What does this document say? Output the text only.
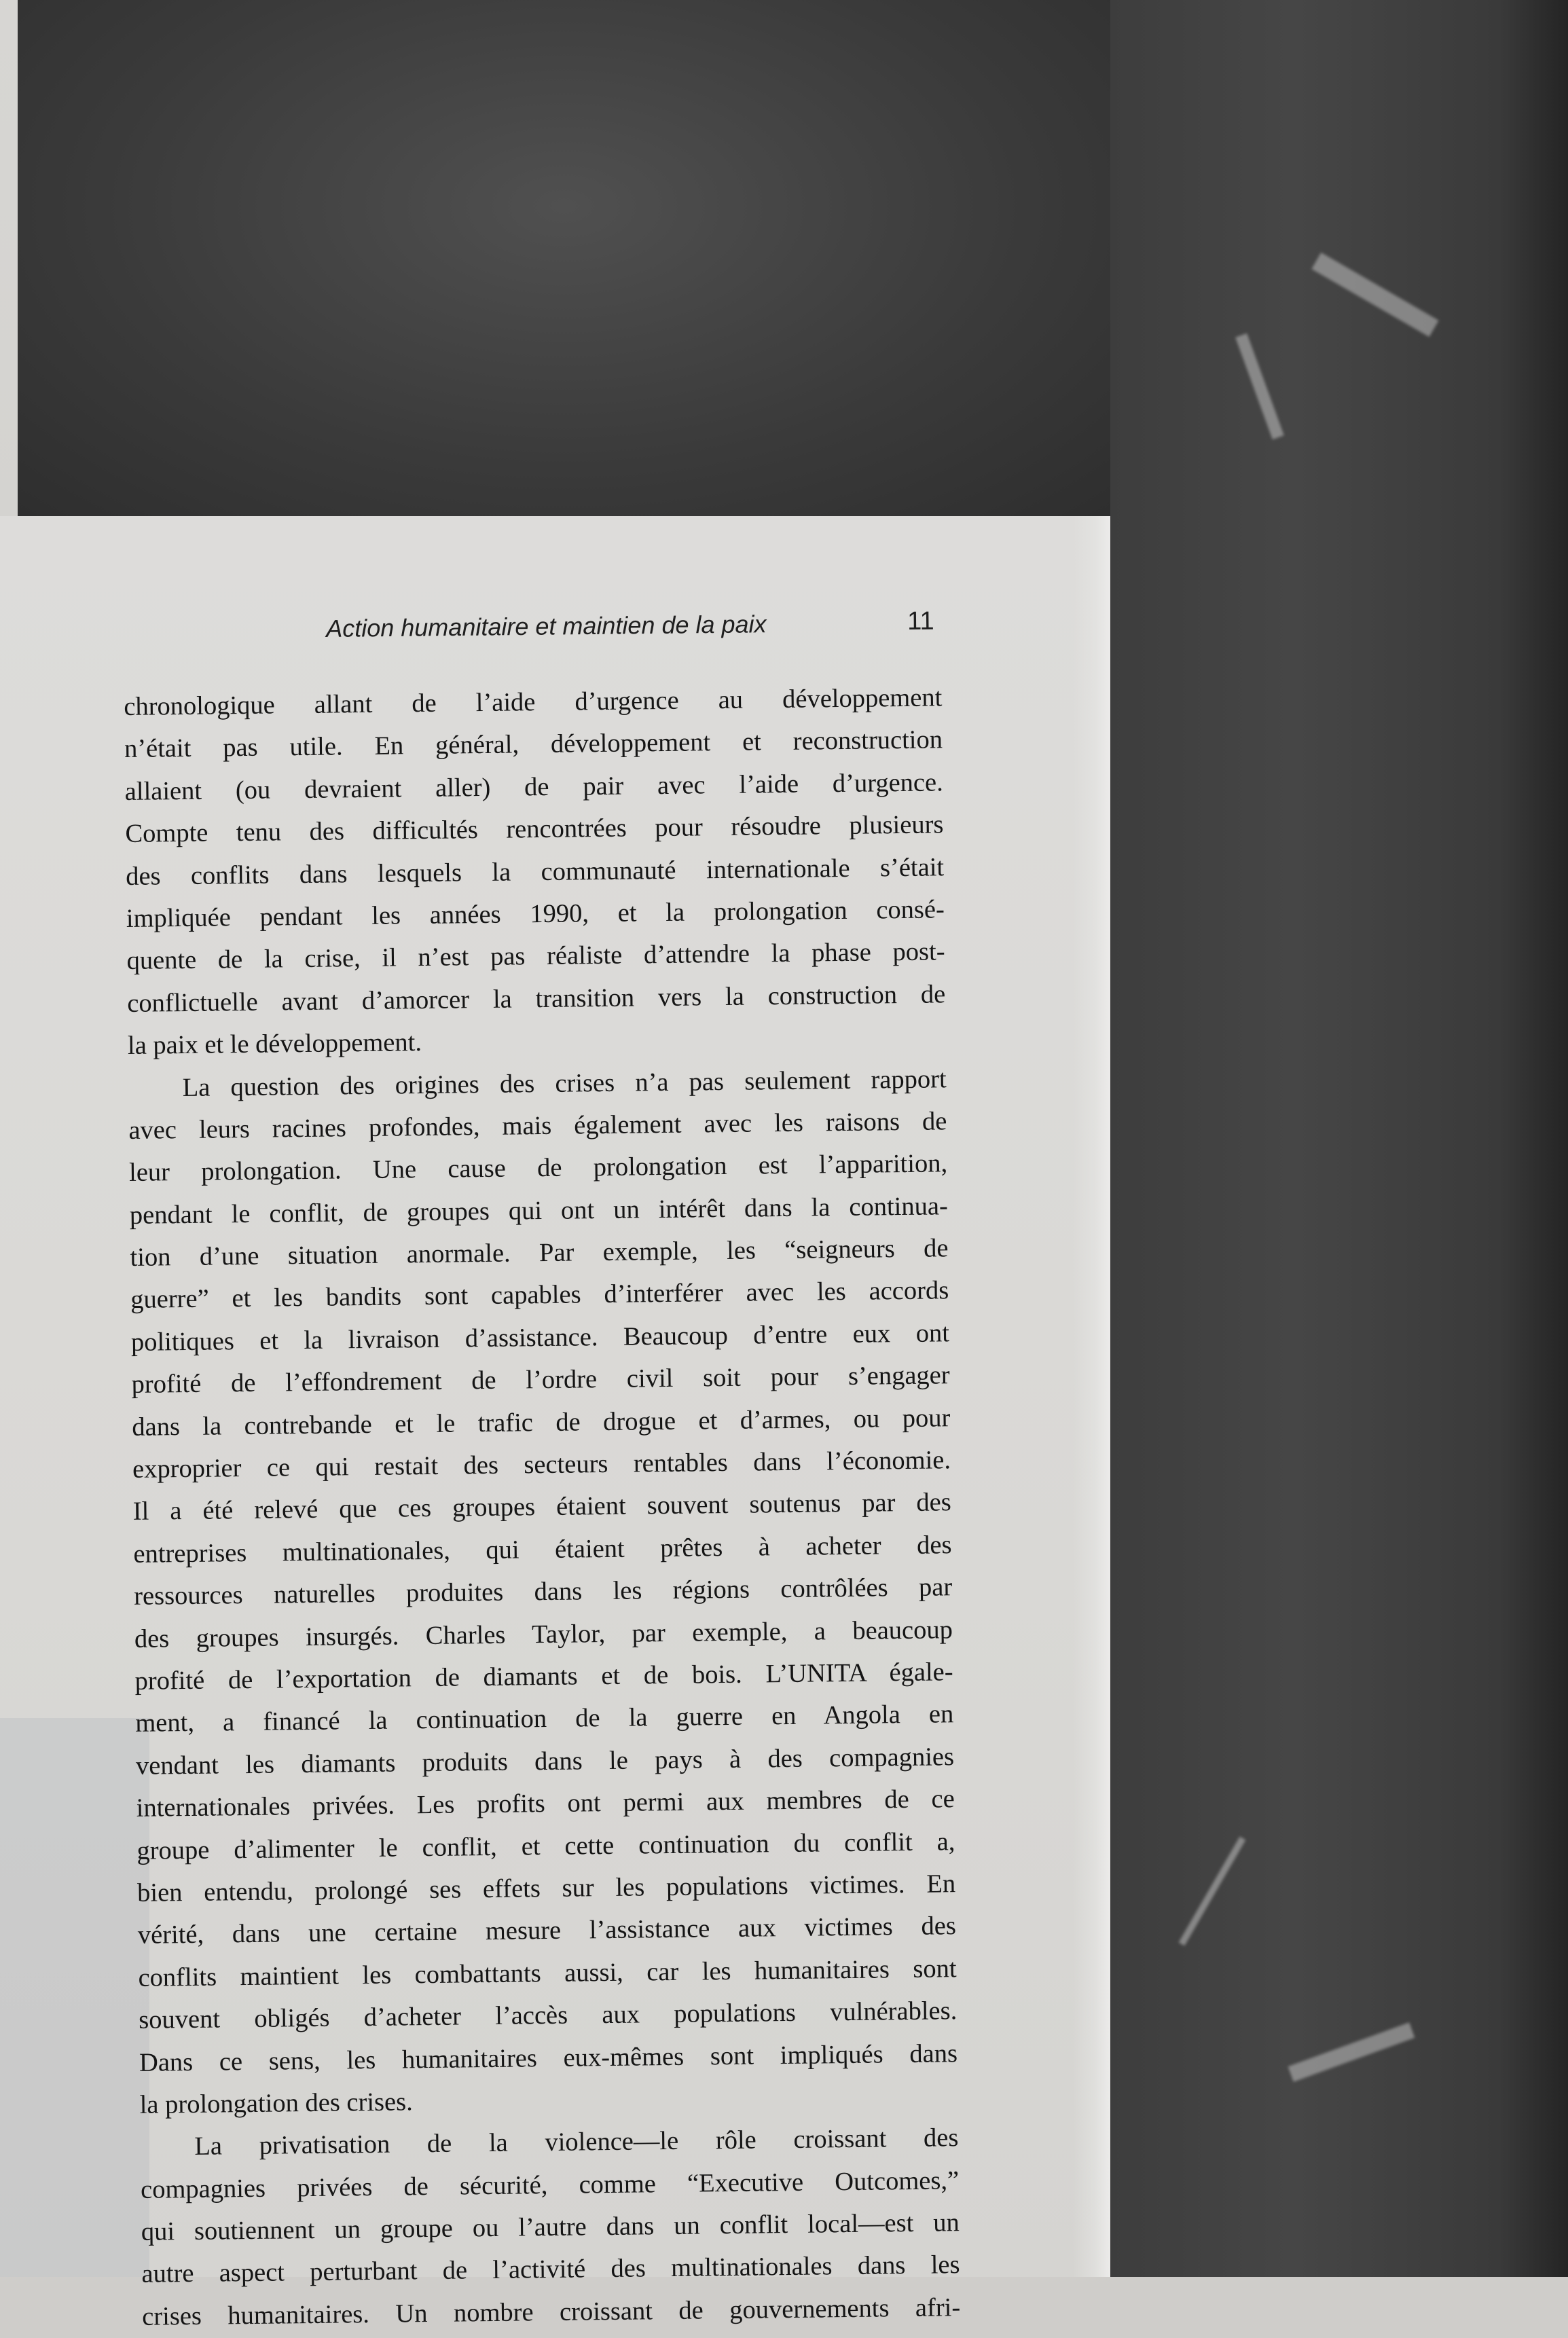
Action humanitaire et maintien de la paix	11
chronologique allant de l’aide d’urgence au développement
n’était pas utile. En général, développement et reconstruction
allaient (ou devraient aller) de pair avec l’aide d’urgence.
Compte tenu des difficultés rencontrées pour résoudre plusieurs
des conflits dans lesquels la communauté internationale s’était
impliquée pendant les années 1990, et la prolongation consé-
quente de la crise, il n’est pas réaliste d’attendre la phase post-
conflictuelle avant d’amorcer la transition vers la construction de
la paix et le développement.
La question des origines des crises n’a pas seulement rapport
avec leurs racines profondes, mais également avec les raisons de
leur prolongation. Une cause de prolongation est l’apparition,
pendant le conflit, de groupes qui ont un intérêt dans la continua-
tion d’une situation anormale. Par exemple, les “seigneurs de
guerre” et les bandits sont capables d’interférer avec les accords
politiques et la livraison d’assistance. Beaucoup d’entre eux ont
profité de l’effondrement de l’ordre civil soit pour s’engager
dans la contrebande et le trafic de drogue et d’armes, ou pour
exproprier ce qui restait des secteurs rentables dans l’économie.
Il a été relevé que ces groupes étaient souvent soutenus par des
entreprises multinationales, qui étaient prêtes à acheter des
ressources naturelles produites dans les régions contrôlées par
des groupes insurgés. Charles Taylor, par exemple, a beaucoup
profité de l’exportation de diamants et de bois. L’UNITA égale-
ment, a financé la continuation de la guerre en Angola en
vendant les diamants produits dans le pays à des compagnies
internationales privées. Les profits ont permi aux membres de ce
groupe d’alimenter le conflit, et cette continuation du conflit a,
bien entendu, prolongé ses effets sur les populations victimes. En
vérité, dans une certaine mesure l’assistance aux victimes des
conflits maintient les combattants aussi, car les humanitaires sont
souvent obligés d’acheter l’accès aux populations vulnérables.
Dans ce sens, les humanitaires eux-mêmes sont impliqués dans
la prolongation des crises.
La privatisation de la violence—le rôle croissant des
compagnies privées de sécurité, comme “Executive Outcomes,”
qui soutiennent un groupe ou l’autre dans un conflit local—est un
autre aspect perturbant de l’activité des multinationales dans les
crises humanitaires. Un nombre croissant de gouvernements afri-
